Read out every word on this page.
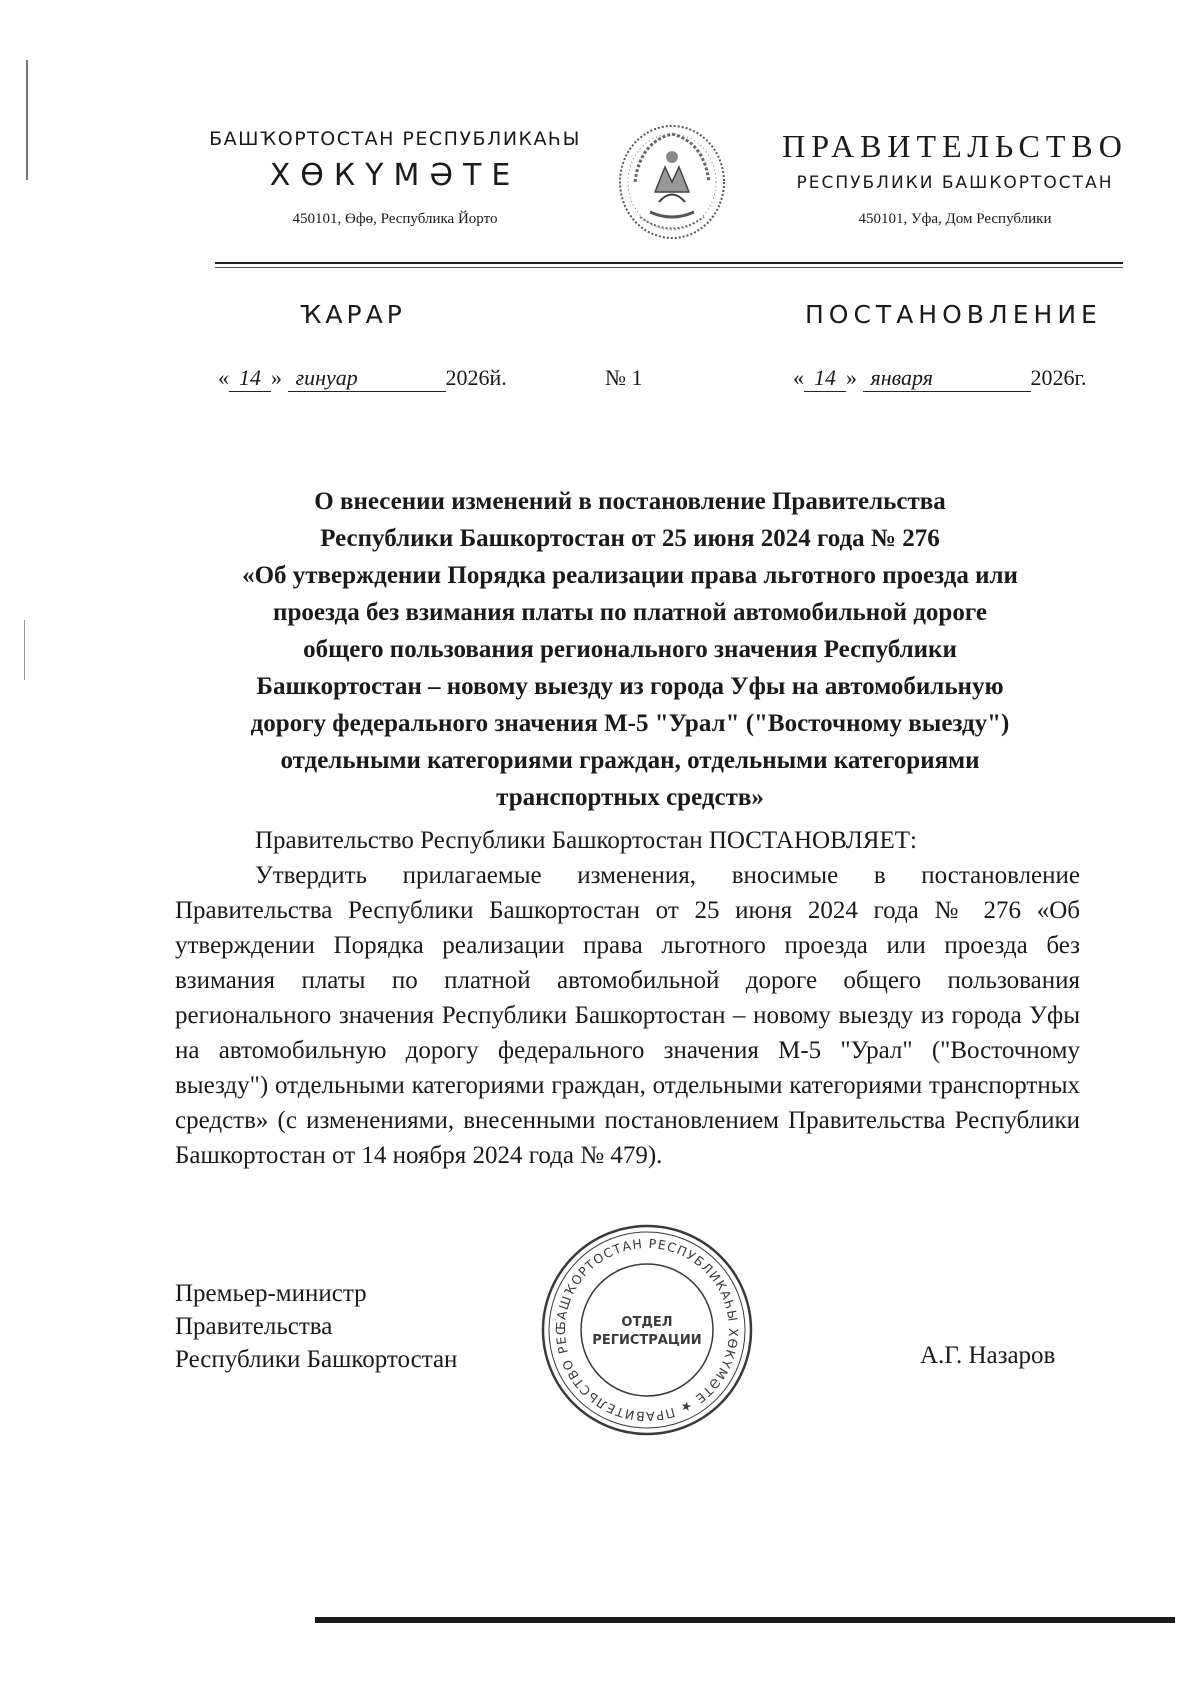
БАШҠОРТОСТАН РЕСПУБЛИКАҺЫ
ХӨКҮМӘТЕ
450101, Өфө, Республика Йорто
ПРАВИТЕЛЬСТВО
РЕСПУБЛИКИ БАШКОРТОСТАН
450101, Уфа, Дом Республики
ҠАРАР	ПОСТАНОВЛЕНИЕ
« 14 » ғинуар	2026й.	№ 1	« 14 » января	2026г.
О внесении изменений в постановление Правительства
Республики Башкортостан от 25 июня 2024 года № 276
«Об утверждении Порядка реализации права льготного проезда или
проезда без взимания платы по платной автомобильной дороге
общего пользования регионального значения Республики
Башкортостан – новому выезду из города Уфы на автомобильную
дорогу федерального значения М-5 "Урал" ("Восточному выезду")
отдельными категориями граждан, отдельными категориями
транспортных средств»
Правительство Республики Башкортостан ПОСТАНОВЛЯЕТ:
Утвердить прилагаемые изменения, вносимые в постановление Правительства Республики Башкортостан от 25 июня 2024 года № 276 «Об утверждении Порядка реализации права льготного проезда или проезда без взимания платы по платной автомобильной дороге общего пользования регионального значения Республики Башкортостан – новому выезду из города Уфы на автомобильную дорогу федерального значения М-5 "Урал" ("Восточному выезду") отдельными категориями граждан, отдельными категориями транспортных средств» (с изменениями, внесенными постановлением Правительства Республики Башкортостан от 14 ноября 2024 года № 479).
Премьер-министр
Правительства
Республики Башкортостан	А.Г. Назаров
БАШҠОРТОСТАН РЕСПУБЛИКАҺЫ ХӨКҮМӘТЕ ★ ПРАВИТЕЛЬСТВО РЕС
ОТДЕЛ
РЕГИСТРАЦИИ
